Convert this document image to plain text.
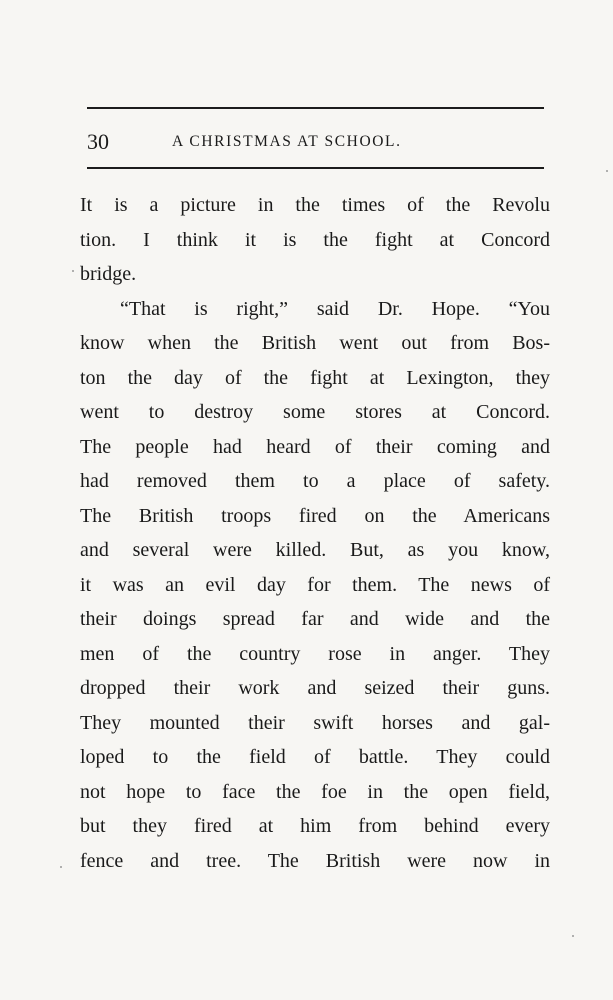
30	A CHRISTMAS AT SCHOOL.
It is a picture in the times of the Revolu
tion. I think it is the fight at Concord
bridge.
“That is right,” said Dr. Hope. “You
know when the British went out from Bos-
ton the day of the fight at Lexington, they
went to destroy some stores at Concord.
The people had heard of their coming and
had removed them to a place of safety.
The British troops fired on the Americans
and several were killed. But, as you know,
it was an evil day for them. The news of
their doings spread far and wide and the
men of the country rose in anger. They
dropped their work and seized their guns.
They mounted their swift horses and gal-
loped to the field of battle. They could
not hope to face the foe in the open field,
but they fired at him from behind every
fence and tree. The British were now in
